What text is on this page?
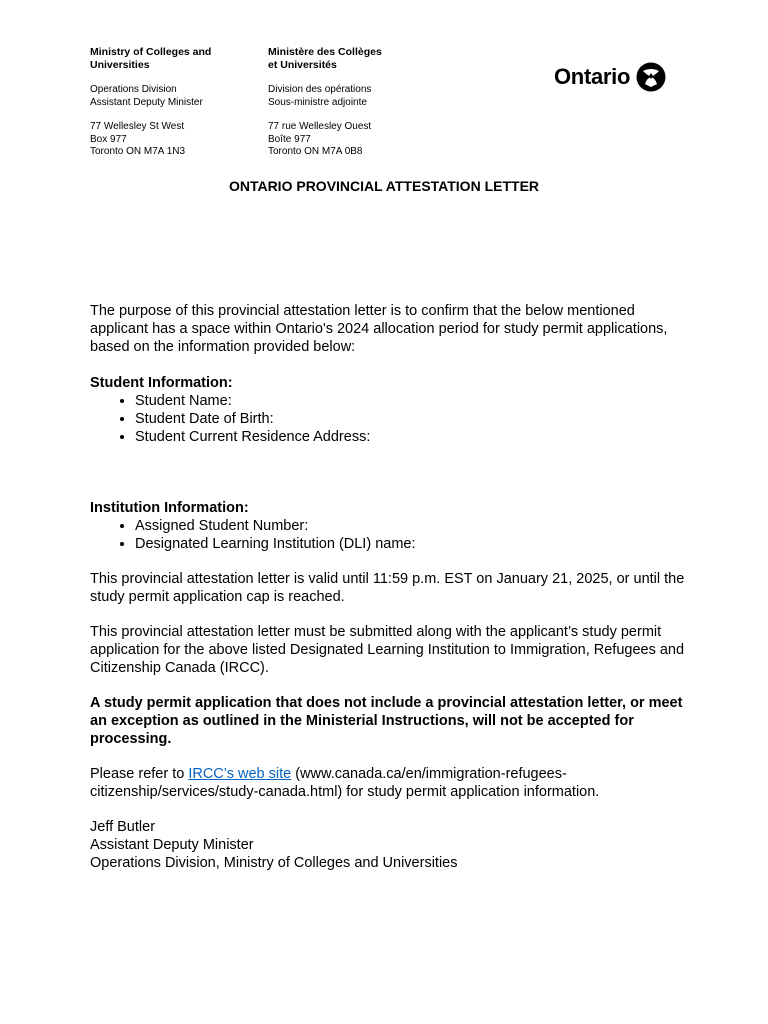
Ministry of Colleges and

Universities

Operations Division

Assistant Deputy Minister

77 Wellesley St West

Box 977

Toronto ON M7A 1N3

Ministère des Collèges

et Universités

Division des opérations

Sous-ministre adjointe

77 rue Wellesley Ouest

Boîte 977

Toronto ON M7A 0B8

Ontario
ONTARIO PROVINCIAL ATTESTATION LETTER

The purpose of this provincial attestation letter is to confirm that the below mentioned applicant has a space within Ontario's 2024 allocation period for study permit applications, based on the information provided below:

Student Information:

• Student Name:
• Student Date of Birth:
• Student Current Residence Address:

Institution Information:

• Assigned Student Number:
• Designated Learning Institution (DLI) name:

This provincial attestation letter is valid until 11:59 p.m. EST on January 21, 2025, or until the study permit application cap is reached.

This provincial attestation letter must be submitted along with the applicant’s study permit application for the above listed Designated Learning Institution to Immigration, Refugees and Citizenship Canada (IRCC).

A study permit application that does not include a provincial attestation letter, or meet an exception as outlined in the Ministerial Instructions, will not be accepted for processing.

Please refer to IRCC’s web site (www.canada.ca/en/immigration-refugees-citizenship/services/study-canada.html) for study permit application information.

Jeff Butler

Assistant Deputy Minister

Operations Division, Ministry of Colleges and Universities
